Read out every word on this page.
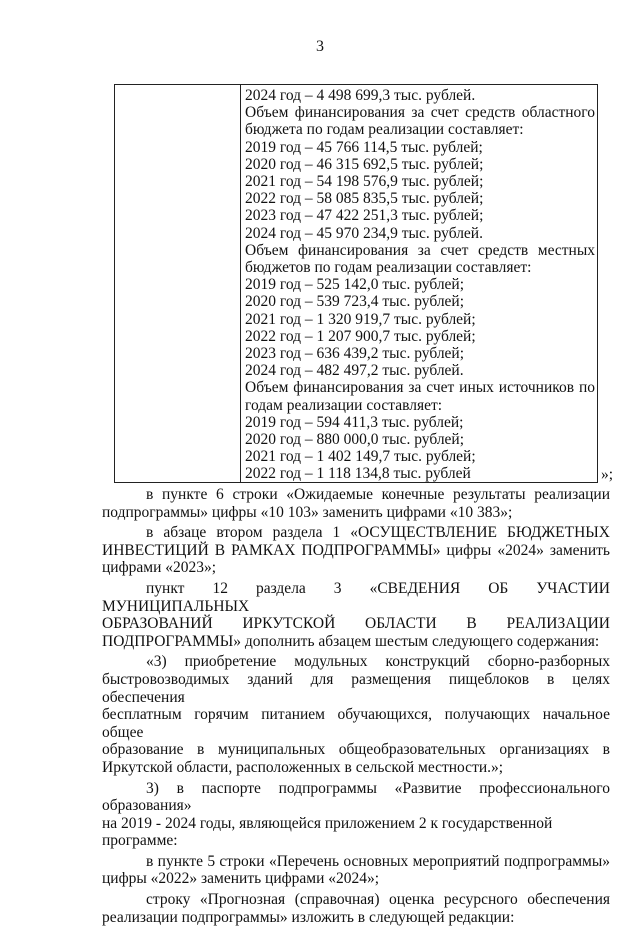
3
2024 год – 4 498 699,3 тыс. рублей.
Объем финансирования за счет средств областного
бюджета по годам реализации составляет:
2019 год – 45 766 114,5 тыс. рублей;
2020 год – 46 315 692,5 тыс. рублей;
2021 год – 54 198 576,9 тыс. рублей;
2022 год – 58 085 835,5 тыс. рублей;
2023 год – 47 422 251,3 тыс. рублей;
2024 год – 45 970 234,9 тыс. рублей.
Объем финансирования за счет средств местных
бюджетов по годам реализации составляет:
2019 год – 525 142,0 тыс. рублей;
2020 год – 539 723,4 тыс. рублей;
2021 год – 1 320 919,7 тыс. рублей;
2022 год – 1 207 900,7 тыс. рублей;
2023 год – 636 439,2 тыс. рублей;
2024 год – 482 497,2 тыс. рублей.
Объем финансирования за счет иных источников по
годам реализации составляет:
2019 год – 594 411,3 тыс. рублей;
2020 год – 880 000,0 тыс. рублей;
2021 год – 1 402 149,7 тыс. рублей;
2022 год – 1 118 134,8 тыс. рублей	»;

в пункте 6 строки «Ожидаемые конечные результаты реализации
подпрограммы» цифры «10 103» заменить цифрами «10 383»;

в абзаце втором раздела 1 «ОСУЩЕСТВЛЕНИЕ БЮДЖЕТНЫХ
ИНВЕСТИЦИЙ В РАМКАХ ПОДПРОГРАММЫ» цифры «2024» заменить
цифрами «2023»;

пункт 12 раздела 3 «СВЕДЕНИЯ ОБ УЧАСТИИ МУНИЦИПАЛЬНЫХ
ОБРАЗОВАНИЙ ИРКУТСКОЙ ОБЛАСТИ В РЕАЛИЗАЦИИ
ПОДПРОГРАММЫ» дополнить абзацем шестым следующего содержания:

«3) приобретение модульных конструкций сборно-разборных
быстровозводимых зданий для размещения пищеблоков в целях обеспечения
бесплатным горячим питанием обучающихся, получающих начальное общее
образование в муниципальных общеобразовательных организациях в
Иркутской области, расположенных в сельской местности.»;

3) в паспорте подпрограммы «Развитие профессионального образования»
на 2019 - 2024 годы, являющейся приложением 2 к государственной программе:

в пункте 5 строки «Перечень основных мероприятий подпрограммы»
цифры «2022» заменить цифрами «2024»;

строку «Прогнозная (справочная) оценка ресурсного обеспечения
реализации подпрограммы» изложить в следующей редакции:
